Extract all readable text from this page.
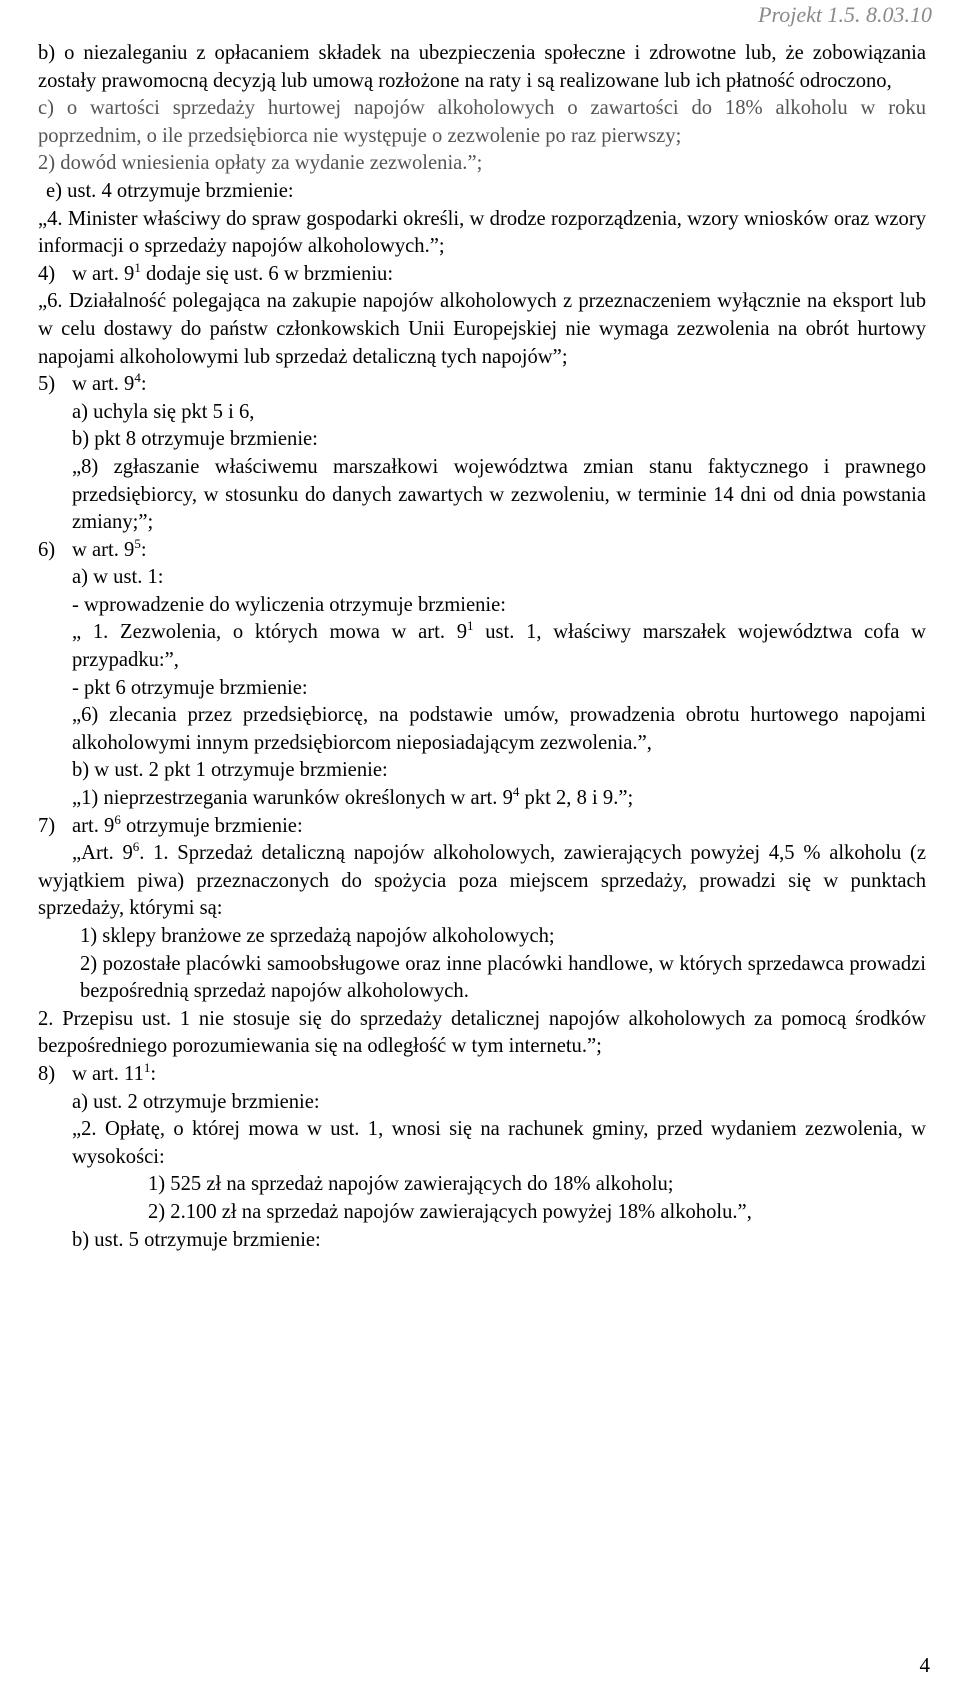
Projekt 1.5. 8.03.10
b) o niezaleganiu z opłacaniem składek na ubezpieczenia społeczne i zdrowotne lub, że zobowiązania zostały prawomocną decyzją lub umową rozłożone na raty i są realizowane lub ich płatność odroczono,
c) o wartości sprzedaży hurtowej napojów alkoholowych o zawartości do 18% alkoholu w roku poprzednim, o ile przedsiębiorca nie występuje o zezwolenie po raz pierwszy;
2) dowód wniesienia opłaty za wydanie zezwolenia.”;
e) ust. 4 otrzymuje brzmienie:
„4. Minister właściwy do spraw gospodarki określi, w drodze rozporządzenia, wzory wniosków oraz wzory informacji o sprzedaży napojów alkoholowych.”;
4) w art. $9^1$ dodaje się ust. 6 w brzmieniu:
„6. Działalność polegająca na zakupie napojów alkoholowych z przeznaczeniem wyłącznie na eksport lub w celu dostawy do państw członkowskich Unii Europejskiej nie wymaga zezwolenia na obrót hurtowy napojami alkoholowymi lub sprzedaż detaliczną tych napojów”;
5) w art. $9^4$:
a) uchyla się pkt 5 i 6,
b) pkt 8 otrzymuje brzmienie:
„8) zgłaszanie właściwemu marszałkowi województwa zmian stanu faktycznego i prawnego przedsiębiorcy, w stosunku do danych zawartych w zezwoleniu, w terminie 14 dni od dnia powstania zmiany;”;
6) w art. $9^5$:
a) w ust. 1:
- wprowadzenie do wyliczenia otrzymuje brzmienie:
„ 1. Zezwolenia, o których mowa w art. $9^1$ ust. 1, właściwy marszałek województwa cofa w przypadku:”,
- pkt 6 otrzymuje brzmienie:
„6) zlecania przez przedsiębiorcę, na podstawie umów, prowadzenia obrotu hurtowego napojami alkoholowymi innym przedsiębiorcom nieposiadającym zezwolenia.”,
b) w ust. 2 pkt 1 otrzymuje brzmienie:
„1) nieprzestrzegania warunków określonych w art. $9^4$ pkt 2, 8 i 9.”;
7) art. $9^6$ otrzymuje brzmienie:
„Art. $9^6$. 1. Sprzedaż detaliczną napojów alkoholowych, zawierających powyżej 4,5 % alkoholu (z wyjątkiem piwa) przeznaczonych do spożycia poza miejscem sprzedaży, prowadzi się w punktach sprzedaży, którymi są:
1) sklepy branżowe ze sprzedażą napojów alkoholowych;
2) pozostałe placówki samoobsługowe oraz inne placówki handlowe, w których sprzedawca prowadzi bezpośrednią sprzedaż napojów alkoholowych.
2. Przepisu ust. 1 nie stosuje się do sprzedaży detalicznej napojów alkoholowych za pomocą środków bezpośredniego porozumiewania się na odległość w tym internetu.”;
8) w art. $11^1$:
a) ust. 2 otrzymuje brzmienie:
„2. Opłatę, o której mowa w ust. 1, wnosi się na rachunek gminy, przed wydaniem zezwolenia, w wysokości:
1) 525 zł na sprzedaż napojów zawierających do 18% alkoholu;
2) 2.100 zł na sprzedaż napojów zawierających powyżej 18% alkoholu.”,
b) ust. 5 otrzymuje brzmienie:
4
